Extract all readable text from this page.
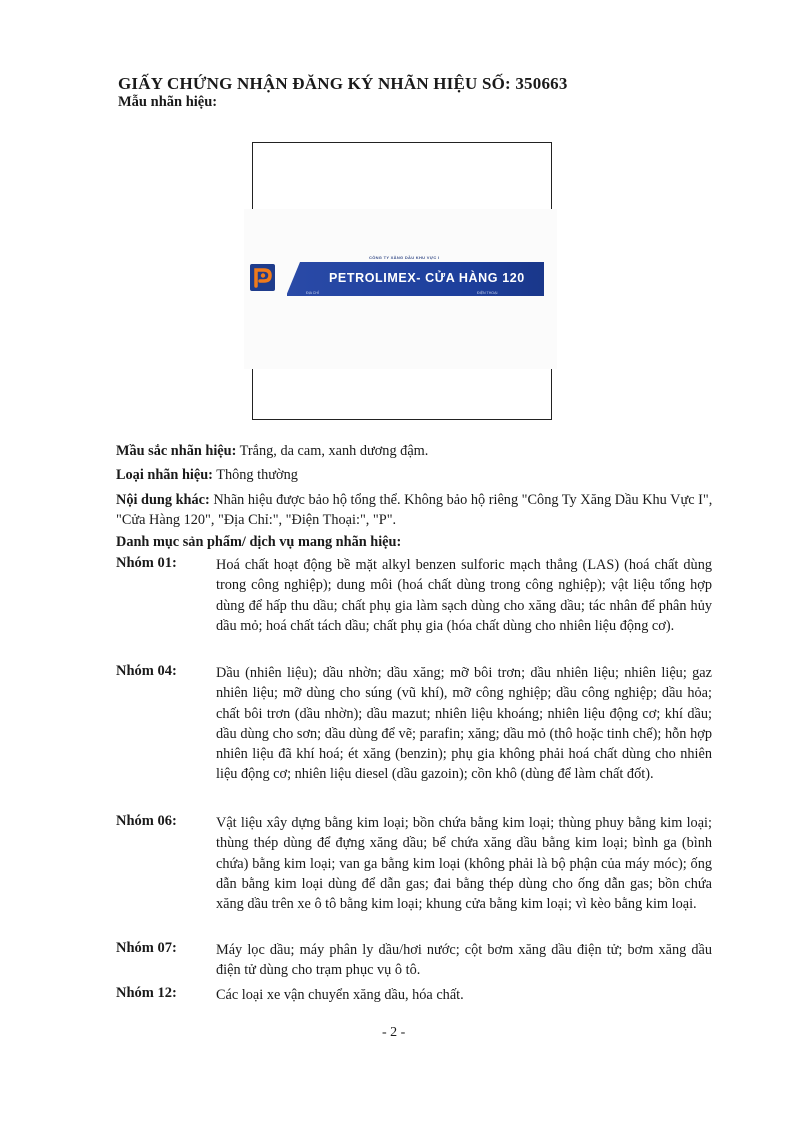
GIẤY CHỨNG NHẬN ĐĂNG KÝ NHÃN HIỆU SỐ: 350663
Mẫu nhãn hiệu:
CÔNG TY XĂNG DẦU KHU VỰC I
PETROLIMEX- CỬA HÀNG 120
ĐỊA CHỈ	ĐIỆN THOẠI
Mầu sắc nhãn hiệu: Trắng, da cam, xanh dương đậm.
Loại nhãn hiệu: Thông thường
Nội dung khác: Nhãn hiệu được bảo hộ tổng thể. Không bảo hộ riêng "Công Ty Xăng Dầu Khu Vực I", "Cửa Hàng 120", "Địa Chỉ:", "Điện Thoại:", "P".
Danh mục sản phẩm/ dịch vụ mang nhãn hiệu:
Nhóm 01:	Hoá chất hoạt động bề mặt alkyl benzen sulforic mạch thẳng (LAS) (hoá chất dùng trong công nghiệp); dung môi (hoá chất dùng trong công nghiệp); vật liệu tổng hợp dùng để hấp thu dầu; chất phụ gia làm sạch dùng cho xăng dầu; tác nhân để phân hủy dầu mỏ; hoá chất tách dầu; chất phụ gia (hóa chất dùng cho nhiên liệu động cơ).
Nhóm 04:	Dầu (nhiên liệu); dầu nhờn; dầu xăng; mỡ bôi trơn; dầu nhiên liệu; nhiên liệu; gaz nhiên liệu; mỡ dùng cho súng (vũ khí), mỡ công nghiệp; dầu công nghiệp; dầu hỏa; chất bôi trơn (dầu nhờn); dầu mazut; nhiên liệu khoáng; nhiên liệu động cơ; khí dầu; dầu dùng cho sơn; dầu dùng để vẽ; parafin; xăng; dầu mỏ (thô hoặc tinh chế); hỗn hợp nhiên liệu đã khí hoá; ét xăng (benzin); phụ gia không phải hoá chất dùng cho nhiên liệu động cơ; nhiên liệu diesel (dầu gazoin); cồn khô (dùng để làm chất đốt).
Nhóm 06:	Vật liệu xây dựng bằng kim loại; bồn chứa bằng kim loại; thùng phuy bằng kim loại; thùng thép dùng để đựng xăng dầu; bể chứa xăng dầu bằng kim loại; bình ga (bình chứa) bằng kim loại; van ga bằng kim loại (không phải là bộ phận của máy móc); ống dẫn bằng kim loại dùng để dẫn gas; đai bằng thép dùng cho ống dẫn gas; bồn chứa xăng dầu trên xe ô tô bằng kim loại; khung cửa bằng kim loại; vì kèo bằng kim loại.
Nhóm 07:	Máy lọc dầu; máy phân ly dầu/hơi nước; cột bơm xăng dầu điện tử; bơm xăng dầu điện tử dùng cho trạm phục vụ ô tô.
Nhóm 12:	Các loại xe vận chuyển xăng dầu, hóa chất.
- 2 -
